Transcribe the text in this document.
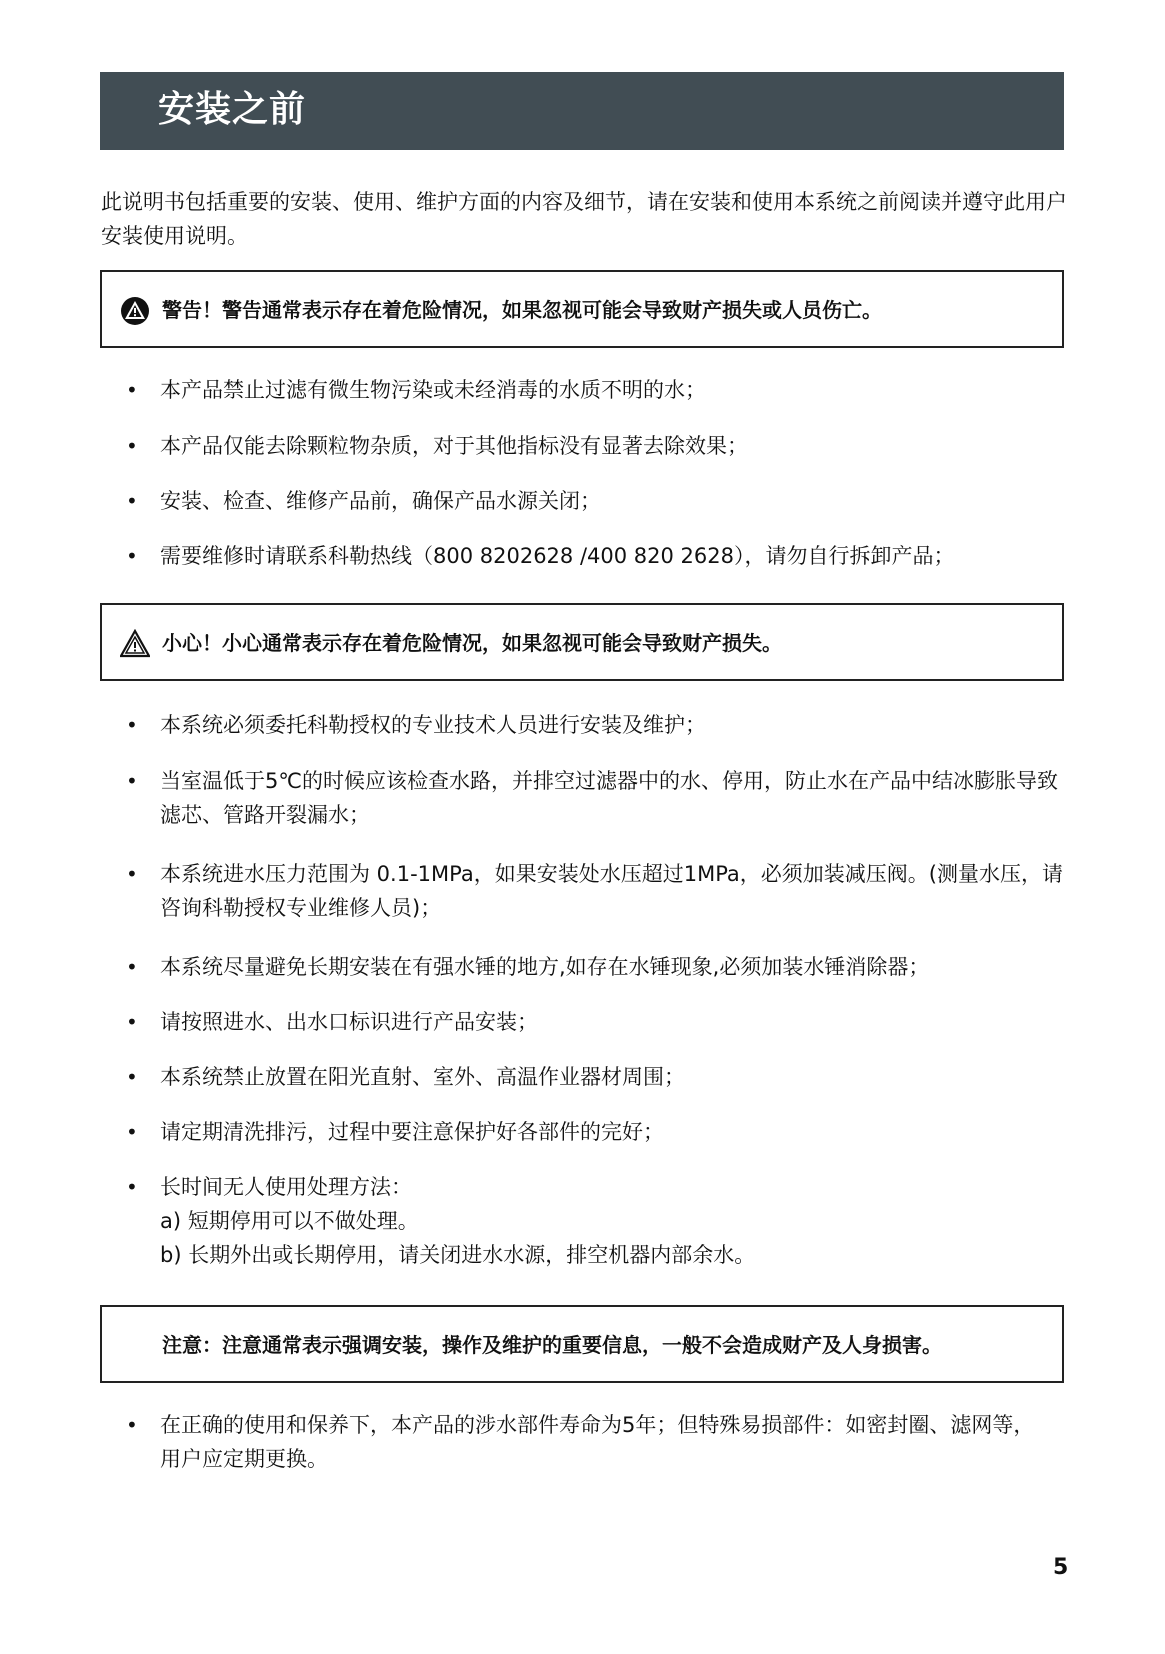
安装之前

此说明书包括重要的安装、使用、维护方面的内容及细节，请在安装和使用本系统之前阅读并遵守此用户安装使用说明。

警告！警告通常表示存在着危险情况，如果忽视可能会导致财产损失或人员伤亡。
• 本产品禁止过滤有微生物污染或未经消毒的水质不明的水；
• 本产品仅能去除颗粒物杂质，对于其他指标没有显著去除效果；
• 安装、检查、维修产品前，确保产品水源关闭；
• 需要维修时请联系科勒热线（800 8202628 /400 820 2628），请勿自行拆卸产品；
小心！小心通常表示存在着危险情况，如果忽视可能会导致财产损失。
• 本系统必须委托科勒授权的专业技术人员进行安装及维护；
• 当室温低于5℃的时候应该检查水路，并排空过滤器中的水、停用，防止水在产品中结冰膨胀导致滤芯、管路开裂漏水；
• 本系统进水压力范围为 0.1-1MPa，如果安装处水压超过1MPa，必须加装减压阀。(测量水压，请咨询科勒授权专业维修人员)；
• 本系统尽量避免长期安装在有强水锤的地方,如存在水锤现象,必须加装水锤消除器；
• 请按照进水、出水口标识进行产品安装；
• 本系统禁止放置在阳光直射、室外、高温作业器材周围；
• 请定期清洗排污，过程中要注意保护好各部件的完好；
• 长时间无人使用处理方法：
a) 短期停用可以不做处理。
b) 长期外出或长期停用，请关闭进水水源，排空机器内部余水。
注意：注意通常表示强调安装，操作及维护的重要信息，一般不会造成财产及人身损害。
• 在正确的使用和保养下，本产品的涉水部件寿命为5年；但特殊易损部件：如密封圈、滤网等，用户应定期更换。
5
